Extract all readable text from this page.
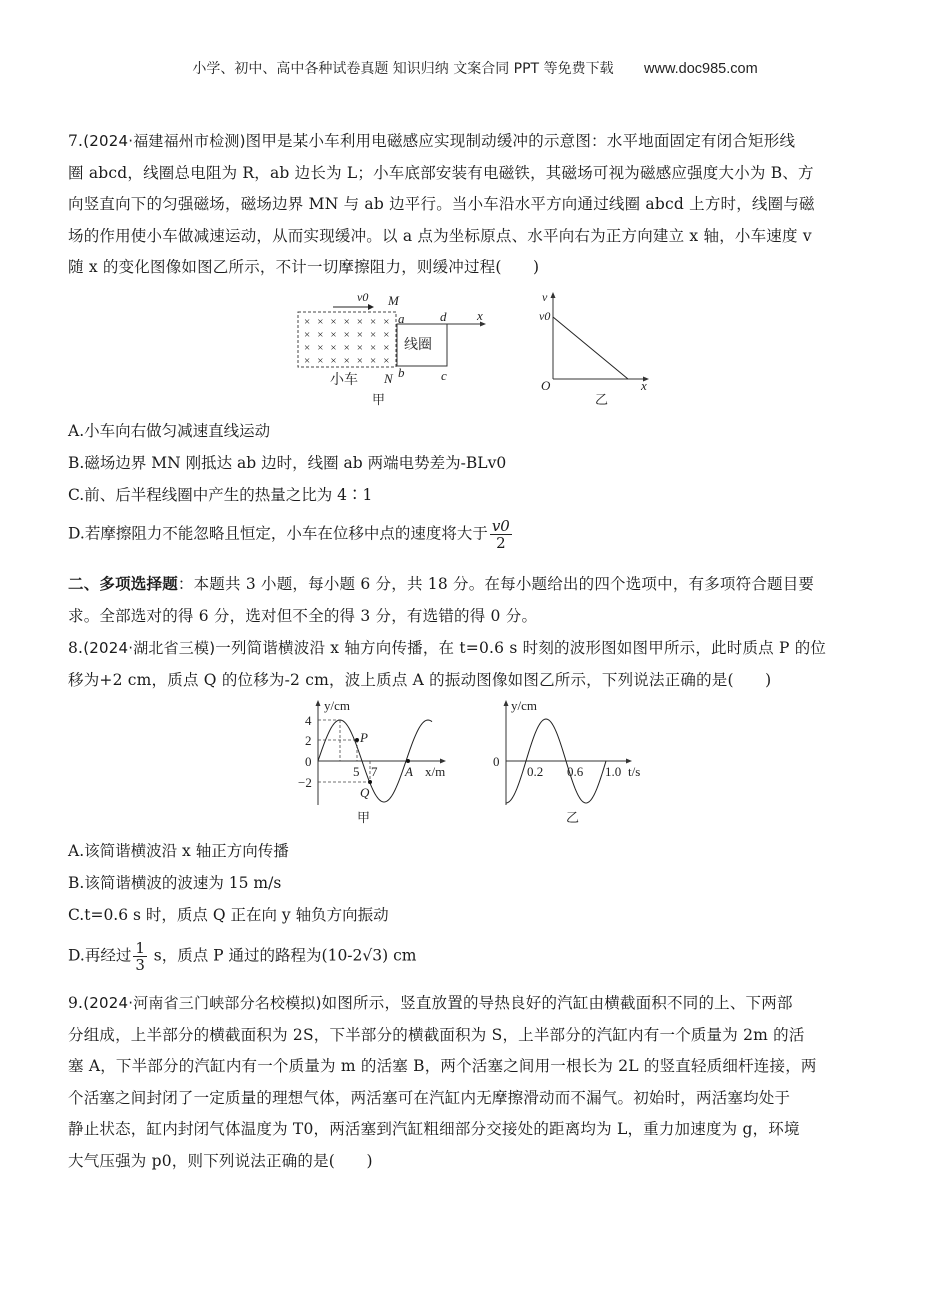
小学、初中、高中各种试卷真题 知识归纳 文案合同 PPT 等免费下载 www.doc985.com
7.(2024·福建福州市检测)图甲是某小车利用电磁感应实现制动缓冲的示意图：水平地面固定有闭合矩形线
圈 abcd，线圈总电阻为 R，ab 边长为 L；小车底部安装有电磁铁，其磁场可视为磁感应强度大小为 B、方
向竖直向下的匀强磁场，磁场边界 MN 与 ab 边平行。当小车沿水平方向通过线圈 abcd 上方时，线圈与磁
场的作用使小车做减速运动，从而实现缓冲。以 a 点为坐标原点、水平向右为正方向建立 x 轴，小车速度 v
随 x 的变化图像如图乙所示，不计一切摩擦阻力，则缓冲过程(　　)
v0 M
× × × × × × ×
× × × × × × ×
× × × × × × ×
× × × × × × ×
线圈
x
a	d
b	c
N
小车
甲
v
v0
O	x
乙
A.小车向右做匀减速直线运动
B.磁场边界 MN 刚抵达 ab 边时，线圈 ab 两端电势差为-BLv0
C.前、后半程线圈中产生的热量之比为 4∶1
D.若摩擦阻力不能忽略且恒定，小车在位移中点的速度将大于 $\frac{v0}{2}$
二、多项选择题：本题共 3 小题，每小题 6 分，共 18 分。在每小题给出的四个选项中，有多项符合题目要
求。全部选对的得 6 分，选对但不全的得 3 分，有选错的得 0 分。
8.(2024·湖北省三模)一列简谐横波沿 x 轴方向传播，在 t=0.6 s 时刻的波形图如图甲所示，此时质点 P 的位
移为+2 cm，质点 Q 的位移为-2 cm，波上质点 A 的振动图像如图乙所示，下列说法正确的是(　　)
y/cm
4
2
0
−2
5 7
P
Q
A x/m
甲
y/cm
0
0.2 0.6 1.0 t/s
乙
A.该简谐横波沿 x 轴正方向传播
B.该简谐横波的波速为 15 m/s
C.t=0.6 s 时，质点 Q 正在向 y 轴负方向振动
D.再经过 $\frac{1}{3}$ s，质点 P 通过的路程为(10-2√3) cm
9.(2024·河南省三门峡部分名校模拟)如图所示，竖直放置的导热良好的汽缸由横截面积不同的上、下两部
分组成，上半部分的横截面积为 2S，下半部分的横截面积为 S，上半部分的汽缸内有一个质量为 2m 的活
塞 A，下半部分的汽缸内有一个质量为 m 的活塞 B，两个活塞之间用一根长为 2L 的竖直轻质细杆连接，两
个活塞之间封闭了一定质量的理想气体，两活塞可在汽缸内无摩擦滑动而不漏气。初始时，两活塞均处于
静止状态，缸内封闭气体温度为 T0，两活塞到汽缸粗细部分交接处的距离均为 L，重力加速度为 g，环境
大气压强为 p0，则下列说法正确的是(　　)
